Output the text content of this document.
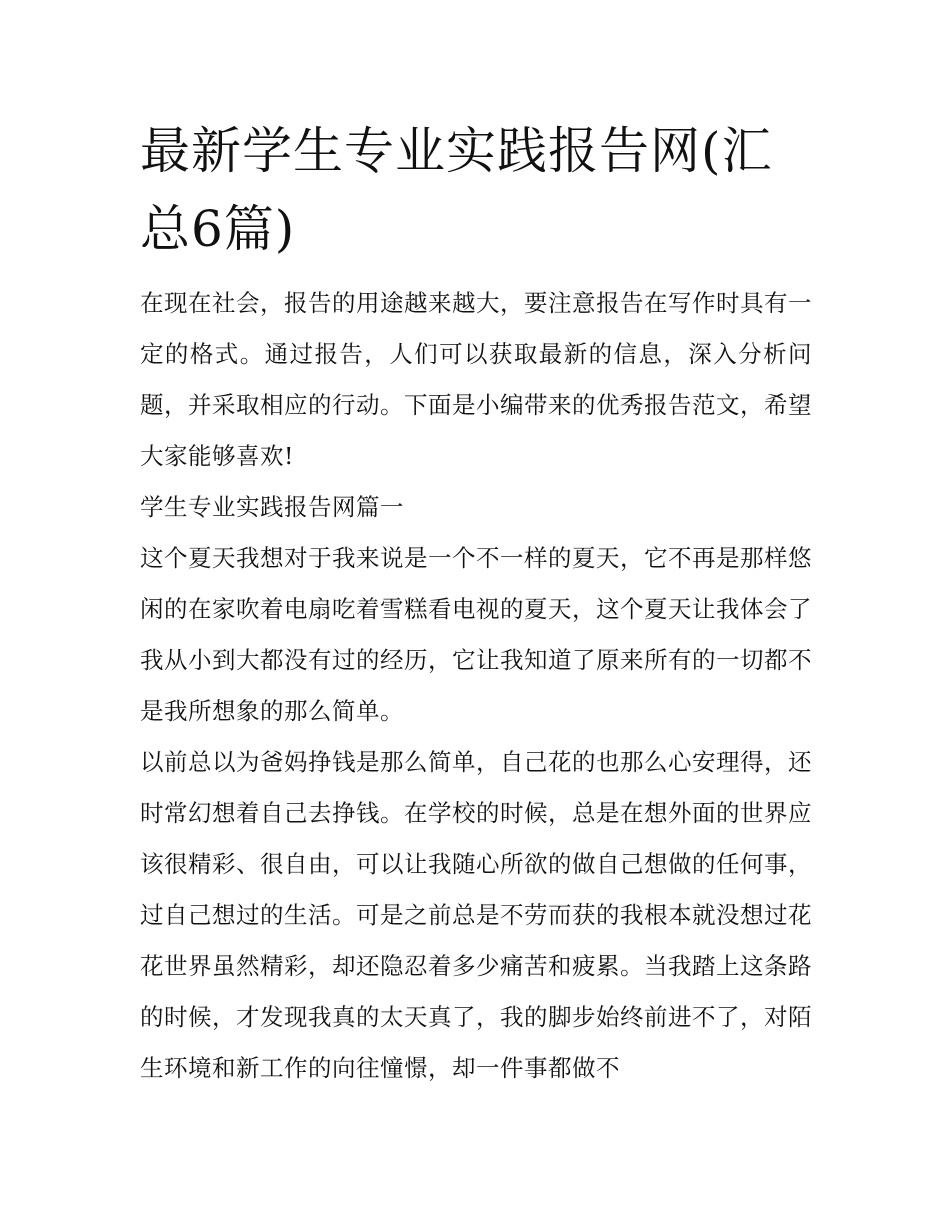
最新学生专业实践报告网(汇总6篇)

在现在社会，报告的用途越来越大，要注意报告在写作时具有一定的格式。通过报告，人们可以获取最新的信息，深入分析问题，并采取相应的行动。下面是小编带来的优秀报告范文，希望大家能够喜欢!

学生专业实践报告网篇一

这个夏天我想对于我来说是一个不一样的夏天，它不再是那样悠闲的在家吹着电扇吃着雪糕看电视的夏天，这个夏天让我体会了我从小到大都没有过的经历，它让我知道了原来所有的一切都不是我所想象的那么简单。

以前总以为爸妈挣钱是那么简单，自己花的也那么心安理得，还时常幻想着自己去挣钱。在学校的时候，总是在想外面的世界应该很精彩、很自由，可以让我随心所欲的做自己想做的任何事，过自己想过的生活。可是之前总是不劳而获的我根本就没想过花花世界虽然精彩，却还隐忍着多少痛苦和疲累。当我踏上这条路的时候，才发现我真的太天真了，我的脚步始终前进不了，对陌生环境和新工作的向往憧憬，却一件事都做不
